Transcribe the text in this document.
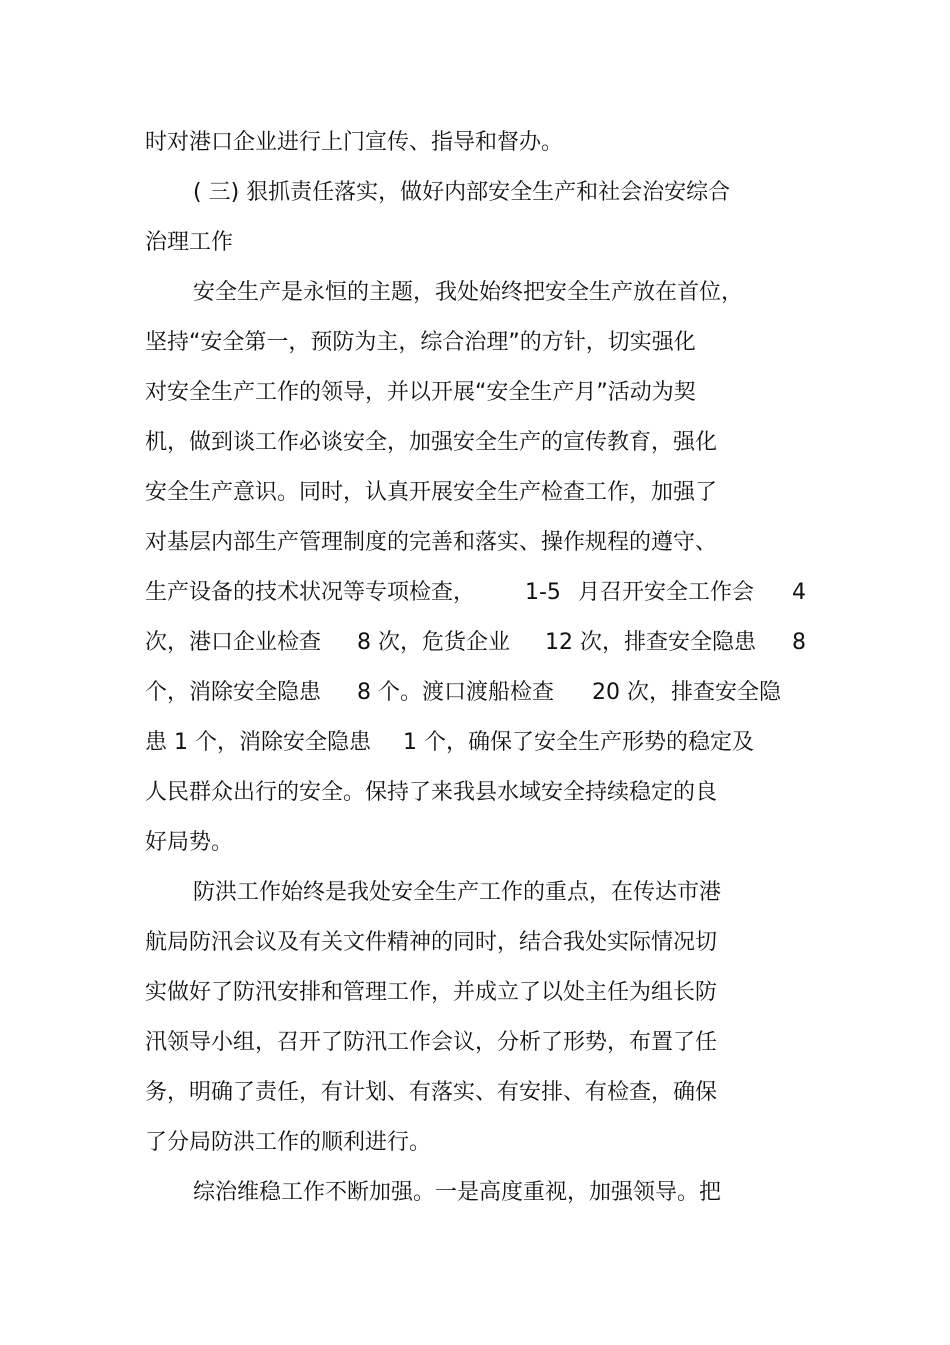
时对港口企业进行上门宣传、指导和督办。

( 三) 狠抓责任落实，做好内部安全生产和社会治安综合

治理工作

安全生产是永恒的主题，我处始终把安全生产放在首位，

坚持“安全第一，预防为主，综合治理”的方针，切实强化

对安全生产工作的领导，并以开展“安全生产月”活动为契

机，做到谈工作必谈安全，加强安全生产的宣传教育，强化

安全生产意识。同时，认真开展安全生产检查工作，加强了

对基层内部生产管理制度的完善和落实、操作规程的遵守、

生产设备的技术状况等专项检查，

1-5

月召开安全工作会

4

次，港口企业检查

8 次，危货企业

12 次，排查安全隐患

8

个，消除安全隐患

8 个。渡口渡船检查

20 次，排查安全隐

患 1 个，消除安全隐患

1 个，确保了安全生产形势的稳定及

人民群众出行的安全。保持了来我县水域安全持续稳定的良

好局势。

防洪工作始终是我处安全生产工作的重点，在传达市港

航局防汛会议及有关文件精神的同时，结合我处实际情况切

实做好了防汛安排和管理工作，并成立了以处主任为组长防

汛领导小组，召开了防汛工作会议，分析了形势，布置了任

务，明确了责任，有计划、有落实、有安排、有检查，确保

了分局防洪工作的顺利进行。

综治维稳工作不断加强。一是高度重视，加强领导。把
